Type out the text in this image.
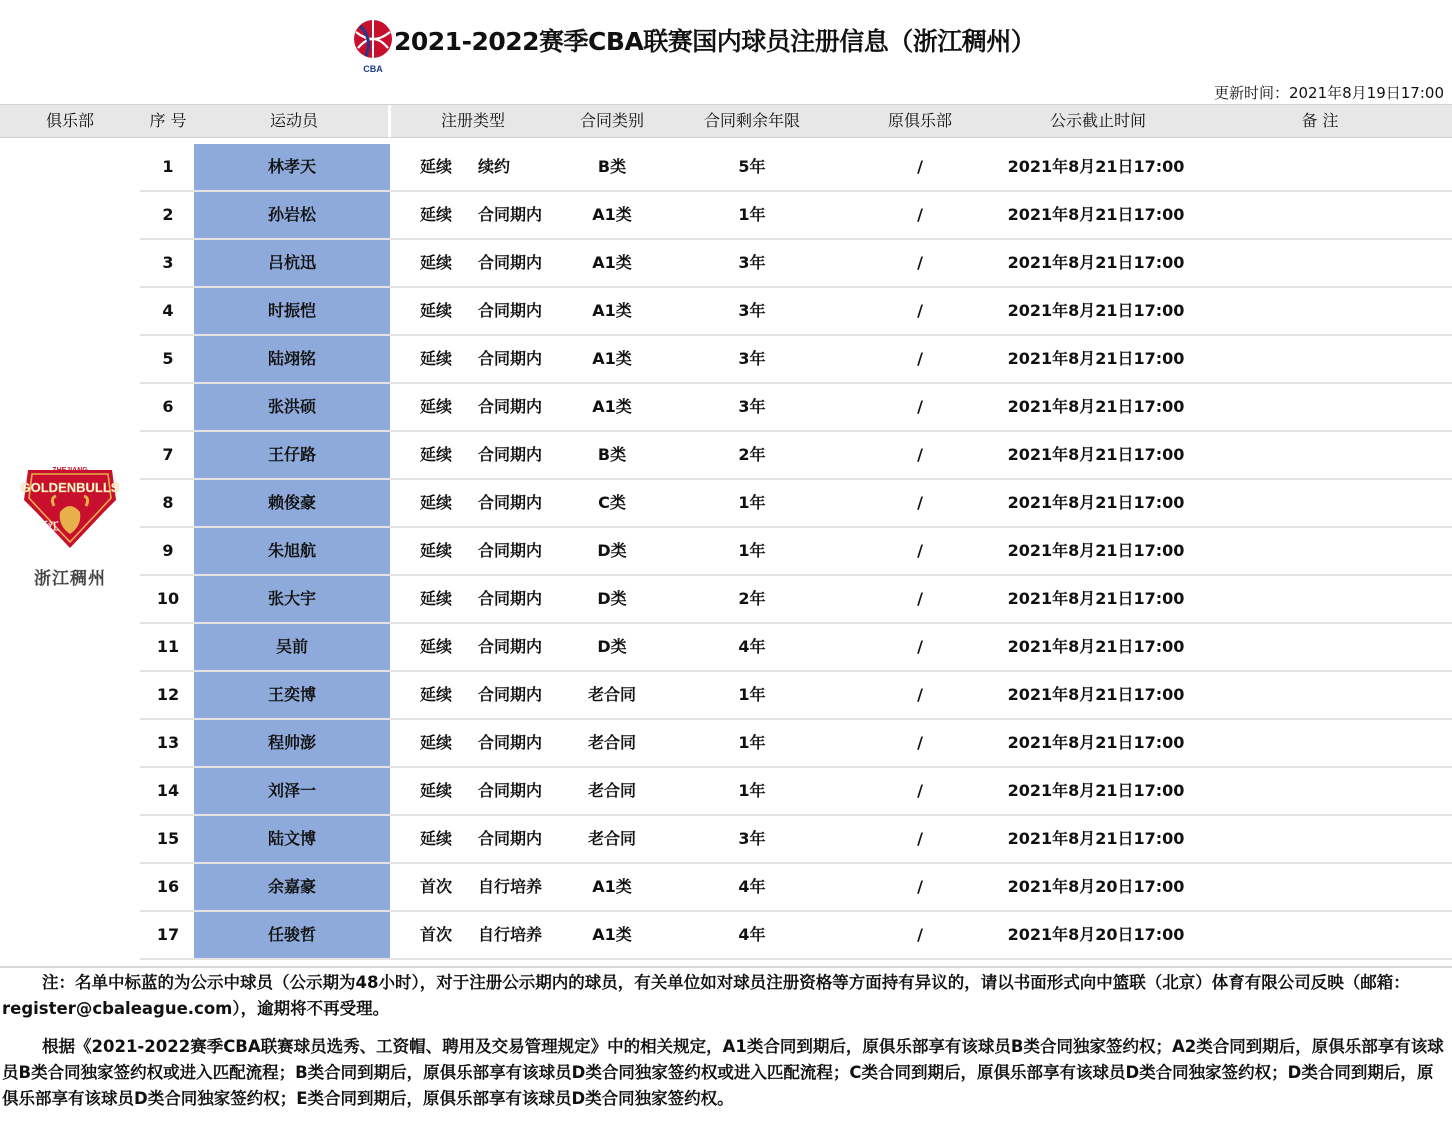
CBA
2021-2022赛季CBA联赛国内球员注册信息（浙江稠州）
更新时间：2021年8月19日17:00
俱乐部	序 号	运动员	注册类型	合同类别	合同剩余年限	原俱乐部	公示截止时间	备 注
ZHEJIANG
GOLDENBULLS
浙江
浙江稠州
1	林孝天	延续	续约	B类	5年	/	2021年8月21日17:00
2	孙岩松	延续	合同期内	A1类	1年	/	2021年8月21日17:00
3	吕杭迅	延续	合同期内	A1类	3年	/	2021年8月21日17:00
4	时振恺	延续	合同期内	A1类	3年	/	2021年8月21日17:00
5	陆翊铭	延续	合同期内	A1类	3年	/	2021年8月21日17:00
6	张洪硕	延续	合同期内	A1类	3年	/	2021年8月21日17:00
7	王仔路	延续	合同期内	B类	2年	/	2021年8月21日17:00
8	赖俊豪	延续	合同期内	C类	1年	/	2021年8月21日17:00
9	朱旭航	延续	合同期内	D类	1年	/	2021年8月21日17:00
10	张大宇	延续	合同期内	D类	2年	/	2021年8月21日17:00
11	吴前	延续	合同期内	D类	4年	/	2021年8月21日17:00
12	王奕博	延续	合同期内	老合同	1年	/	2021年8月21日17:00
13	程帅澎	延续	合同期内	老合同	1年	/	2021年8月21日17:00
14	刘泽一	延续	合同期内	老合同	1年	/	2021年8月21日17:00
15	陆文博	延续	合同期内	老合同	3年	/	2021年8月21日17:00
16	余嘉豪	首次	自行培养	A1类	4年	/	2021年8月20日17:00
17	任骏哲	首次	自行培养	A1类	4年	/	2021年8月20日17:00

注：名单中标蓝的为公示中球员（公示期为48小时），对于注册公示期内的球员，有关单位如对球员注册资格等方面持有异议的，请以书面形式向中篮联（北京）体育有限公司反映（邮箱：register@cbaleague.com），逾期将不再受理。

根据《2021-2022赛季CBA联赛球员选秀、工资帽、聘用及交易管理规定》中的相关规定，A1类合同到期后，原俱乐部享有该球员B类合同独家签约权；A2类合同到期后，原俱乐部享有该球员B类合同独家签约权或进入匹配流程；B类合同到期后，原俱乐部享有该球员D类合同独家签约权或进入匹配流程；C类合同到期后，原俱乐部享有该球员D类合同独家签约权；D类合同到期后，原俱乐部享有该球员D类合同独家签约权；E类合同到期后，原俱乐部享有该球员D类合同独家签约权。
